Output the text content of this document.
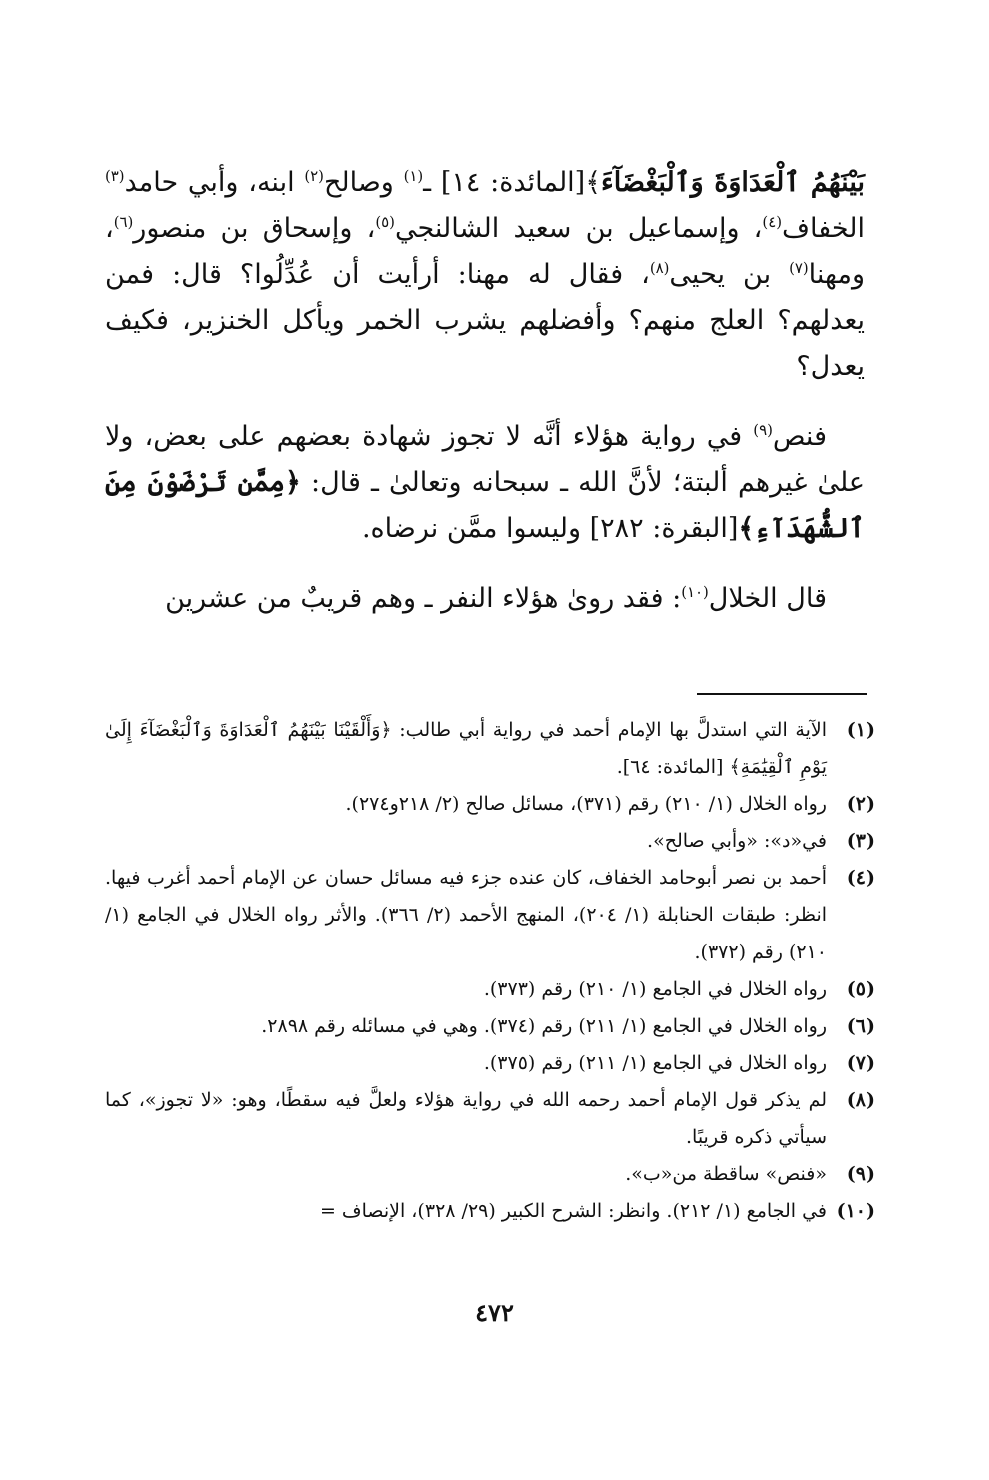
بَيْنَهُمُ ٱلْعَدَاوَةَ وَٱلْبَغْضَآءَ﴾[المائدة: ١٤] ـ$^{(١)}$ وصالح$^{(٢)}$ ابنه، وأبي حامد$^{(٣)}$ الخفاف$^{(٤)}$، وإسماعيل بن سعيد الشالنجي$^{(٥)}$، وإسحاق بن منصور$^{(٦)}$، ومهنا$^{(٧)}$ بن يحيى$^{(٨)}$، فقال له مهنا: أرأيت أن عُدِّلُوا؟ قال: فمن يعدلهم؟ العلج منهم؟ وأفضلهم يشرب الخمر ويأكل الخنزير، فكيف يعدل؟

فنص$^{(٩)}$ في رواية هؤلاء أنَّه لا تجوز شهادة بعضهم على بعض، ولا علىٰ غيرهم ألبتة؛ لأنَّ الله ـ سبحانه وتعالىٰ ـ قال: ﴿مِمَّن تَرْضَوْنَ مِنَ ٱلشُّهَدَآءِ﴾[البقرة: ٢٨٢] وليسوا ممَّن نرضاه.

قال الخلال$^{(١٠)}$: فقد روىٰ هؤلاء النفر ـ وهم قريبٌ من عشرين

(١)
الآية التي استدلَّ بها الإمام أحمد في رواية أبي طالب: ﴿وَأَلْقَيْنَا بَيْنَهُمُ ٱلْعَدَاوَةَ وَٱلْبَغْضَآءَ إِلَىٰ يَوْمِ ٱلْقِيَٰمَةِ﴾ [المائدة: ٦٤].
(٢)
رواه الخلال (١/ ٢١٠) رقم (٣٧١)، مسائل صالح (٢/ ٢١٨و٢٧٤).
(٣)
في«د»: «وأبي صالح».
(٤)
أحمد بن نصر أبوحامد الخفاف، كان عنده جزء فيه مسائل حسان عن الإمام أحمد أغرب فيها. انظر: طبقات الحنابلة (١/ ٢٠٤)، المنهج الأحمد (٢/ ٣٦٦). والأثر رواه الخلال في الجامع (١/ ٢١٠) رقم (٣٧٢).
(٥)
رواه الخلال في الجامع (١/ ٢١٠) رقم (٣٧٣).
(٦)
رواه الخلال في الجامع (١/ ٢١١) رقم (٣٧٤). وهي في مسائله رقم ٢٨٩٨.
(٧)
رواه الخلال في الجامع (١/ ٢١١) رقم (٣٧٥).
(٨)
لم يذكر قول الإمام أحمد رحمه الله في رواية هؤلاء ولعلَّ فيه سقطًا، وهو: «لا تجوز»، كما سيأتي ذكره قريبًا.
(٩)
«فنص» ساقطة من«ب».
(١٠)
في الجامع (١/ ٢١٢). وانظر: الشرح الكبير (٢٩/ ٣٢٨)، الإنصاف =
٤٧٢
